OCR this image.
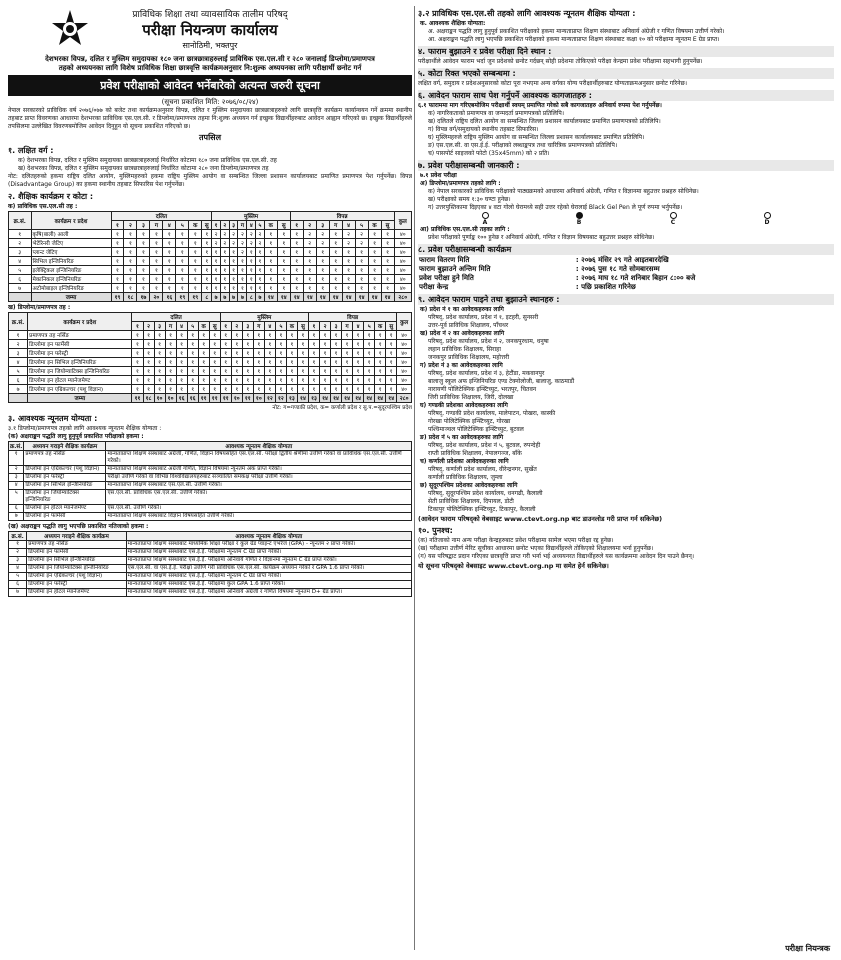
प्राविधिक शिक्षा तथा व्यावसायिक तालीम परिषद्
परीक्षा नियन्त्रण कार्यालय
सानोठिमी, भक्तपुर
देशभरका विपन्न, दलित र मुस्लिम समुदायका १८० जना छात्रछात्राहरुलाई प्राविधिक एस.एल.सी र २८० जनालाई डिप्लोमा/प्रमाणपत्र
तहको अध्ययनका लागि विशेष प्राविधिक शिक्षा छात्रवृत्ति कार्यक्रमअनुसार नि:शुल्क अध्ययनका लागि परीक्षार्थी छनोट गर्न
प्रवेश परीक्षाको आवेदन भर्नेबारेको अत्यन्त जरुरी सूचना
(सूचना प्रकाशित मिति: २०७६/०८/२४)
नेपाल सरकारको प्राविधिक वर्ष २०७६/०७७ को बजेट तथा कार्यक्रमअनुसार विपन्न, दलित र मुस्लिम समुदायका छात्रछात्राहरुको लागि छात्रवृत्ति कार्यक्रम कार्यान्वयन गर्ने क्रममा स्थानीय तहबाट प्राप्त विवरणका आधारमा देशभरका प्राविधिक एस.एल.सी. र डिप्लोमा/प्रमाणपत्र तहमा नि:शुल्क अध्ययन गर्न इच्छुक विद्यार्थीहरुबाट आवेदन आह्वान गरिएको छ। इच्छुक विद्यार्थीहरुले तपसिलमा उल्लेखित विवरणबमोजिम आवेदन दिनुहुन यो सूचना प्रकाशित गरिएको छ।
तपसिल
१. लक्षित वर्ग :
क) देशभरका विपन्न, दलित र मुस्लिम समुदायका छात्रछात्राहरुलाई निर्धारित कोटामा १८० जना प्राविधिक एस.एल.सी. तह
ख) देशभरका विपन्न, दलित र मुस्लिम समुदायका छात्रछात्राहरुलाई निर्धारित कोटामा २८० जना डिप्लोमा/प्रमाणपत्र तह
नोट: दलितहरुको हकमा राष्ट्रिय दलित आयोग, मुस्लिमहरुको हकमा राष्ट्रिय मुस्लिम आयोग वा सम्बन्धित जिल्ला प्रशासन कार्यालयबाट प्रमाणित प्रमाणपत्र पेश गर्नुपर्नेछ। विपन्न (Disadvantage Group) का हकमा स्थानीय तहबाट सिफारिस पेश गर्नुपर्नेछ।
२. शैक्षिक कार्यक्रम र कोटा :
क) प्राविधिक एस.एल.सी तह :
क्र.सं.	कार्यक्रम र प्रदेश	दलित								मुस्लिम								विपन्न								कुल
		१	२	३	ग	४	५	क	सु	१	२	३	ग	४	५	क	सु	१	२	३	ग	४	५	क	सु	
१	कृषि(बाली) आली	१	१	१	१	१	१	१	१	२	२	२	२	२	२	१	१	१	२	२	१	२	२	१	१	४०
२	भेटेरिनरी जेटिए	१	१	१	१	१	१	१	१	२	२	२	२	२	२	१	१	१	२	२	१	२	२	१	१	४०
३	प्लान्ट जेटिए	१	१	१	१	१	१	१	१	१	१	१	२	१	१	१	१	१	१	१	१	१	१	१	१	४०
४	सिभिल इन्जिनियरिङ	१	१	१	१	१	१	१	१	१	१	१	१	१	१	१	१	१	१	१	१	१	१	१	१	४०
५	इलेक्ट्रिकल इन्जिनियरिङ	१	१	१	१	१	१	१	१	१	१	१	१	१	१	१	१	१	१	१	१	१	१	१	१	४०
६	मेकानिकल इन्जिनियरिङ	१	१	१	१	१	१	१	१	१	१	१	१	१	१	१	१	१	१	१	१	१	१	१	१	४०
७	अटोमोबाइल इन्जिनियरिङ	१	१	१	१	१	१	१	१	१	१	१	१	१	१	१	१	१	१	१	१	१	१	१	१	४०
	जम्मा	१९	१८	१७	२०	१६	१९	१९	८	७	७	७	७	८	७	१४	१४	१४	१४	१४	१४	१४	१४	१४	१४	२८०
ख) डिप्लोमा/प्रमाणपत्र तह :
क्र.सं.	कार्यक्रम र प्रदेश	दलित								मुस्लिम								विपन्न								कुल
		१	२	३	ग	४	५	क	सु	१	२	३	ग	४	५	क	सु	१	२	३	ग	४	५	क	सु	
१	प्रमाणपत्र तह नर्सिङ	१	१	१	१	१	१	१	१	१	१	१	१	१	१	१	१	१	१	१	१	१	१	१	१	४०
२	डिप्लोमा इन फार्मेसी	१	१	१	१	१	१	१	१	१	१	१	१	१	१	१	१	१	१	१	१	१	१	१	१	४०
३	डिप्लोमा इन फरेस्ट्री	१	१	१	१	१	१	१	१	१	१	१	१	१	१	१	१	१	१	१	१	१	१	१	१	४०
४	डिप्लोमा इन सिभिल इन्जिनियरिङ	१	१	१	१	१	१	१	१	१	१	१	१	१	१	१	१	१	१	१	१	१	१	१	१	४०
५	डिप्लोमा इन जियोम्याटिक्स इन्जिनियरिङ	१	१	१	१	१	१	१	१	१	१	१	१	१	१	१	१	१	१	१	१	१	१	१	१	४०
६	डिप्लोमा इन होटल म्यानेजमेण्ट	१	१	१	१	१	१	१	१	१	१	१	१	१	१	१	१	१	१	१	१	१	१	१	१	४०
७	डिप्लोमा इन एग्रिकल्चर (पशु विज्ञान)	१	१	१	१	१	१	१	१	१	१	१	१	१	१	१	१	१	१	१	१	१	१	१	१	४०
	जम्मा	११	१८	१०	१०	१६	१६	११	११	११	१०	११	१०	१२	१२	१३	१४	१३	१४	१४	१४	१४	१४	१४	१४	२८०
नोट: ग=गण्डकी प्रदेश, क= कर्णाली प्रदेश र सु.प.=सुदूरपश्चिम प्रदेश
३. आवश्यक न्यूनतम योग्यता :
३.१ डिप्लोमा/प्रमाणपत्र तहको लागि आवश्यक न्यूनतम शैक्षिक योग्यता :
(क) अक्षराङ्कन पद्धति लागु हुनुपूर्व प्रकाशित परीक्षाको हकमा :
क्र.सं.	अध्ययन गराइने शैक्षिक कार्यक्रम	आवश्यक न्यूनतम शैक्षिक योग्यता
१	प्रमाणपत्र तह नर्सिङ	मान्यताप्राप्त शिक्षण संस्थाबाट अंग्रेजी, गणित, विज्ञान विषयसहित एस.एल.सी. परीक्षा द्वितीय श्रेणीमा उत्तीर्ण गरेको वा प्राविधिक एस.एल.सी. उत्तीर्ण गरेको।
२	डिप्लोमा इन एग्रिकल्चर (पशु विज्ञान)	मान्यताप्राप्त शिक्षण संस्थाबाट अंग्रेजी गणित, विज्ञान विषयमा न्यूनतम अंक प्राप्त गरेको।
३	डिप्लोमा इन फरेस्ट्री	परीक्षा उत्तीर्ण गरेको वा विभिन्न विश्वविद्यालयहरुबाट सञ्चालित समकक्ष परीक्षा उत्तीर्ण गरेको।
४	डिप्लोमा इन सिभिल इन्जिनियरिङ	मान्यताप्राप्त शिक्षण संस्थाबाट एस.एल.सी. उत्तीर्ण गरेको।
५	डिप्लोमा इन जियोम्याटिक्स इन्जिनियरिङ	एस.एल.सी. प्राविधिक एस.एल.सी. उत्तीर्ण गरेको।
६	डिप्लोमा इन होटल म्यानेजमेण्ट	एस.एल.सी. उत्तीर्ण गरेको।
७	डिप्लोमा इन फार्मेसी	मान्यताप्राप्त शिक्षण संस्थाबाट विज्ञान विषयसहित उत्तीर्ण गरेको।
(ख) अक्षराङ्कन पद्धति लागु भएपछि प्रकाशित नतिजाको हकमा :
क्र.सं.	अध्ययन गराइने शैक्षिक कार्यक्रम	आवश्यक न्यूनतम शैक्षिक योग्यता
१	प्रमाणपत्र तह नर्सिङ	मान्यताप्राप्त शिक्षण संस्थाबाट माध्यमिक शिक्षा परीक्षा र कुल ग्रेड प्वाइन्ट एभरेज (GPA) - न्यूनतम २ प्राप्त गरेको।
२	डिप्लोमा इन फार्मेसी	मान्यताप्राप्त शिक्षण संस्थाबाट एस.ई.ई. परीक्षामा न्यूनतम C ग्रेड प्राप्त गरेको।
३	डिप्लोमा इन सिभिल इन्जिनियरिङ	मान्यताप्राप्त शिक्षण संस्थाबाट एस.ई.ई. परीक्षामा अनिवार्य गणित र विज्ञानमा न्यूनतम C ग्रेड प्राप्त गरेको।
४	डिप्लोमा इन जियोम्याटिक्स इन्जिनियरिङ	एस.एल.सी. वा एस.ई.ई. परीक्षा उत्तीर्ण गरी प्राविधिक एस.एल.सी. कार्यक्रम अध्ययन गरेको र GPA 1.6 प्राप्त गरेको।
५	डिप्लोमा इन एग्रिकल्चर (पशु विज्ञान)	मान्यताप्राप्त शिक्षण संस्थाबाट एस.ई.ई. परीक्षामा न्यूनतम C ग्रेड प्राप्त गरेको।
६	डिप्लोमा इन फरेस्ट्री	मान्यताप्राप्त शिक्षण संस्थाबाट एस.ई.ई. परीक्षामा कुल GPA 1.6 प्राप्त गरेको।
७	डिप्लोमा इन होटल म्यानेजमेण्ट	मान्यताप्राप्त शिक्षण संस्थाबाट एस.ई.ई. परीक्षामा अनिवार्य अंग्रेजी र गणित विषयमा न्यूनतम D+ ग्रेड प्राप्त।
३.२ प्राविधिक एस.एल.सी तहको लागि आवश्यक न्यूनतम शैक्षिक योग्यता :
क. आवश्यक शैक्षिक योग्यता:
अ. अक्षराङ्कन पद्धति लागु हुनुपूर्व प्रकाशित परीक्षाको हकमा मान्यताप्राप्त शिक्षण संस्थाबाट अनिवार्य अंग्रेजी र गणित विषयमा उत्तीर्ण गरेको।
आ. अक्षराङ्कन पद्धति लागु भएपछि प्रकाशित परीक्षाको हकमा मान्यताप्राप्त शिक्षण संस्थाबाट कक्षा १० को परीक्षामा न्यूनतम E ग्रेड प्राप्त।
४. फाराम बुझाउने र प्रवेश परीक्षा दिने स्थान :
परीक्षार्थीले आवेदन फाराम भर्दा जुन प्रदेशको छनोट गर्दछन् सोही प्रदेशमा तोकिएको परीक्षा केन्द्रमा प्रवेश परीक्षामा सहभागी हुनुपर्नेछ।
५. कोटा रिक्त भएको सम्बन्धमा :
लक्षित वर्ग, समुदाय र प्रदेशअनुसारको कोटा पूरा नभएमा अन्य वर्गका योग्य परीक्षार्थीहरुबाट योग्यताक्रमअनुसार छनोट गरिनेछ।
६. आवेदन फाराम साथ पेश गर्नुपर्ने आवश्यक कागजातहरु :
६.१ फाराममा माग गरिएबमोजिम परीक्षार्थी स्वयम् प्रमाणित गरेको सबै कागजातहरु अनिवार्य रुपमा पेश गर्नुपर्नेछ।
क) नागरिकताको प्रमाणपत्र वा जन्मदर्ता प्रमाणपत्रको प्रतिलिपि।
ख) दलितले राष्ट्रिय दलित आयोग वा सम्बन्धित जिल्ला प्रशासन कार्यालयबाट प्रमाणित प्रमाणपत्रको प्रतिलिपि।
ग) विपन्न वर्ग/समुदायको स्थानीय तहबाट सिफारिस।
घ) मुस्लिमहरुले राष्ट्रिय मुस्लिम आयोग वा सम्बन्धित जिल्ला प्रशासन कार्यालयबाट प्रमाणित प्रतिलिपि।
ङ) एस.एल.सी. वा एस.ई.ई. परीक्षाको लब्धाङ्कपत्र तथा चारित्रिक प्रमाणपत्रको प्रतिलिपि।
च) पासपोर्ट साइजको फोटो (35x45mm) को २ प्रति।
७. प्रवेश परीक्षासम्बन्धी जानकारी :
७.१ प्रवेश परीक्षा
अ) डिप्लोमा/प्रमाणपत्र तहको लागि :
क) नेपाल सरकारको प्राविधिक परीक्षाको पाठ्यक्रमको आधारमा अनिवार्य अंग्रेजी, गणित र विज्ञानमा बहुउत्तर प्रश्नहरु सोधिनेछ।
ख) परीक्षाको समय १:३० घण्टा हुनेछ।
ग) उत्तरपुस्तिकामा दिइएका ४ वटा गोलो घेरामध्ये सही उत्तर रहेको घेरालाई Black Gel Pen ले पूर्ण रुपमा भर्नुपर्नेछ।
A	B	C	D
आ) प्राविधिक एस.एल.सी तहका लागि :
प्रवेश परीक्षाको पूर्णाङ्क १०० हुनेछ र अनिवार्य अंग्रेजी, गणित र विज्ञान विषयबाट बहुउत्तर प्रश्नहरु सोधिनेछ।
८. प्रवेश परीक्षासम्बन्धी कार्यक्रम
फाराम वितरण मिति	: २०७६ मंसिर २९ गते आइतबारदेखि
फाराम बुझाउने अन्तिम मिति	: २०७६ पुस १८ गते सोमबारसम्म
प्रवेश परीक्षा हुने मिति	: २०७६ माघ १८ गते शनिबार बिहान ८:०० बजे
परीक्षा केन्द्र	: पछि प्रकाशित गरिनेछ
९. आवेदन फाराम पाइने तथा बुझाउने स्थानहरु :
क) प्रदेश नं १ का आवेदकहरुका लागि
परिषद्, प्रदेश कार्यालय, प्रदेश नं १, इटहरी, सुनसरी
उत्तर-पूर्व प्राविधिक शिक्षालय, पाँचथर
ख) प्रदेश नं २ का आवेदकहरुका लागि
परिषद्, प्रदेश कार्यालय, प्रदेश नं २, जनकपुरधाम, धनुषा
लहान प्राविधिक शिक्षालय, सिराहा
जनकपुर प्राविधिक शिक्षालय, महोत्तरी
ग) प्रदेश नं ३ का आवेदकहरुका लागि
परिषद्, प्रदेश कार्यालय, प्रदेश नं ३, हेटौंडा, मकवानपुर
बालाजु स्कुल अफ इन्जिनियरिङ एण्ड टेक्नोलोजी, बालाजु, काठमाडौं
नारायणी पोलिटेक्निक इन्स्टिच्युट, भरतपुर, चितवन
जिरी प्राविधिक शिक्षालय, जिरी, दोलखा
घ) गण्डकी प्रदेशका आवेदकहरुका लागि
परिषद्, गण्डकी प्रदेश कार्यालय, मालेपाटन, पोखरा, कास्की
गोरखा पोलिटेक्निक इन्स्टिच्युट, गोरखा
पश्चिमाञ्चल पोलिटेक्निक इन्स्टिच्युट, बुटवल
ङ) प्रदेश नं ५ का आवेदकहरुका लागि
परिषद्, प्रदेश कार्यालय, प्रदेश नं ५, बुटवल, रुपन्देही
राप्ती प्राविधिक शिक्षालय, नेपालगञ्ज, बाँके
च) कर्णाली प्रदेशका आवेदकहरुका लागि
परिषद्, कर्णाली प्रदेश कार्यालय, वीरेन्द्रनगर, सुर्खेत
कर्णाली प्राविधिक शिक्षालय, जुम्ला
छ) सुदूरपश्चिम प्रदेशका आवेदकहरुका लागि
परिषद्, सुदूरपश्चिम प्रदेश कार्यालय, धनगढी, कैलाली
सेती प्राविधिक शिक्षालय, दिपायल, डोटी
टिकापुर पोलिटेक्निक इन्स्टिच्युट, टिकापुर, कैलाली
(आवेदन फाराम परिषद्को वेबसाइट www.ctevt.org.np बाट डाउनलोड गरी प्राप्त गर्न सकिनेछ)
१०. पुनश्च:
(क) नतिजाको नाम अन्य परीक्षा केन्द्रहरुबाट प्रवेश परीक्षामा सामेल भएमा परीक्षा रद्द हुनेछ।
(ख) परीक्षामा उत्तीर्ण मेरिट सूचीका आधारमा छनोट भएका विद्यार्थीहरुले तोकिएको शिक्षालयमा भर्ना हुनुपर्नेछ।
(ग) यस परिषद्बाट प्रदान गरिएका छात्रवृत्ति प्राप्त गरी भर्ना भई अध्ययनरत विद्यार्थीहरुले यस कार्यक्रममा आवेदन दिन पाउने छैनन्।
यो सूचना परिषद्को वेबसाइट www.ctevt.org.np मा समेत हेर्न सकिनेछ।
परीक्षा नियन्त्रक
